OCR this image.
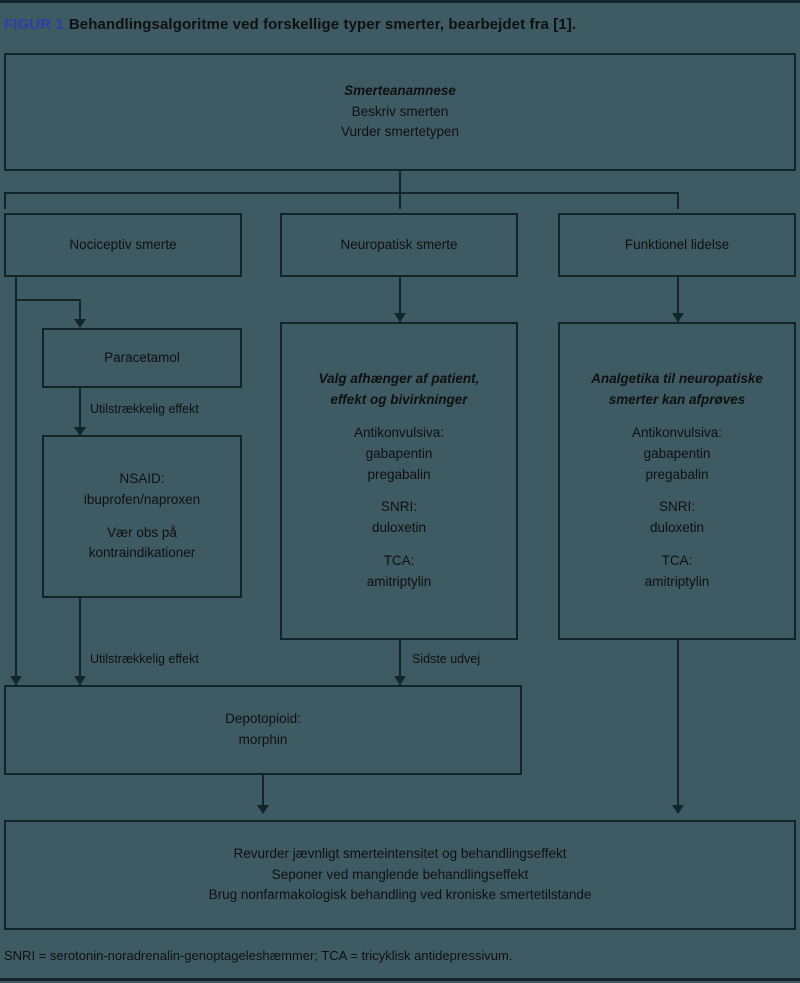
FIGUR 1 Behandlingsalgoritme ved forskellige typer smerter, bearbejdet fra [1].
Smerteanamnese
Beskriv smerten
Vurder smertetypen
Nociceptiv smerte	Neuropatisk smerte	Funktionel lidelse
Paracetamol
Utilstrækkelig effekt
NSAID:
ibuprofen/naproxen
Vær obs på
kontraindikationer
Utilstrækkelig effekt
Valg afhænger af patient,
effekt og bivirkninger
Antikonvulsiva:
gabapentin
pregabalin
SNRI:
duloxetin
TCA:
amitriptylin
Sidste udvej
Analgetika til neuropatiske
smerter kan afprøves
Antikonvulsiva:
gabapentin
pregabalin
SNRI:
duloxetin
TCA:
amitriptylin
Depotopioid:
morphin
Revurder jævnligt smerteintensitet og behandlingseffekt
Seponer ved manglende behandlingseffekt
Brug nonfarmakologisk behandling ved kroniske smertetilstande
SNRI = serotonin-noradrenalin-genoptageleshæmmer; TCA = tricyklisk antidepressivum.
